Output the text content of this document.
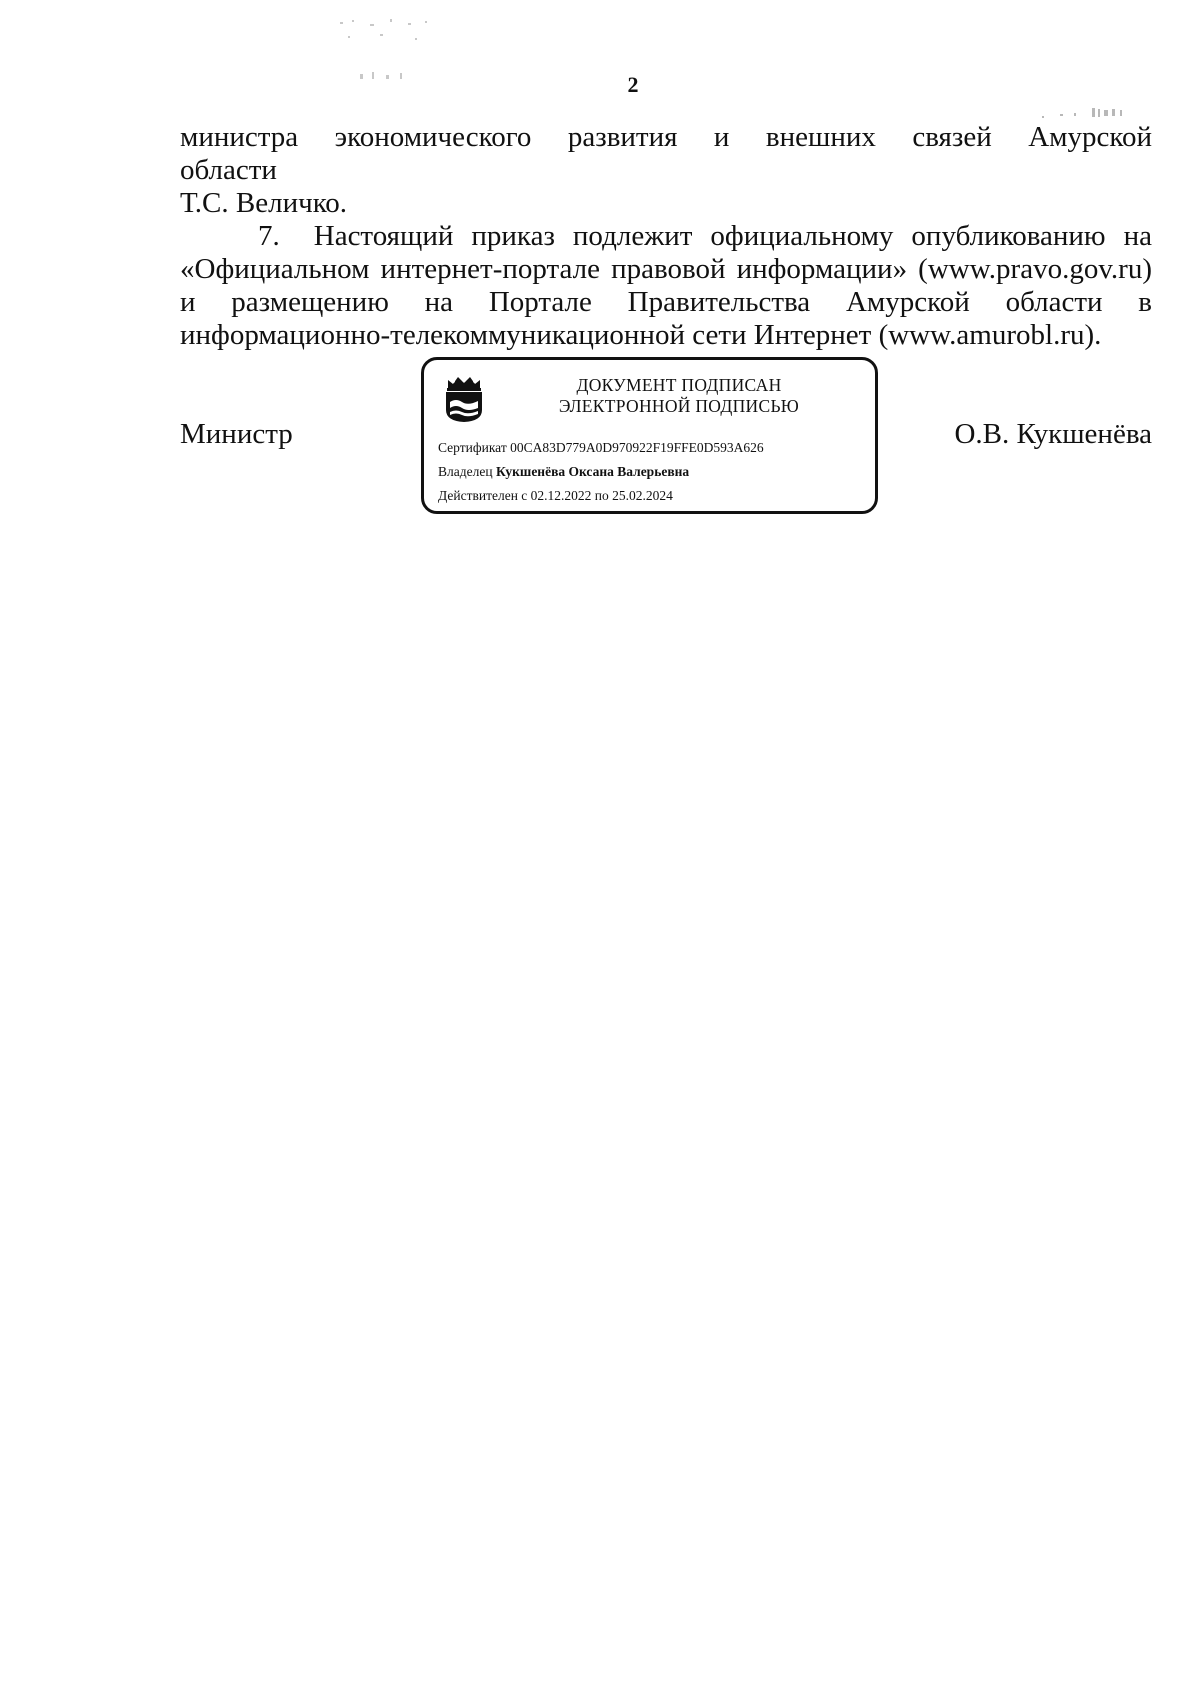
2

министра экономического развития и внешних связей Амурской области

Т.С. Величко.

7. Настоящий приказ подлежит официальному опубликованию на «Официальном интернет-портале правовой информации» (www.pravo.gov.ru) и размещению на Портале Правительства Амурской области в информационно-телекоммуникационной сети Интернет (www.amurobl.ru).

Министр
ДОКУМЕНТ ПОДПИСАН
ЭЛЕКТРОННОЙ ПОДПИСЬЮ
Сертификат 00CA83D779A0D970922F19FFE0D593A626
Владелец Кукшенёва Оксана Валерьевна
Действителен с 02.12.2022 по 25.02.2024
О.В. Кукшенёва
